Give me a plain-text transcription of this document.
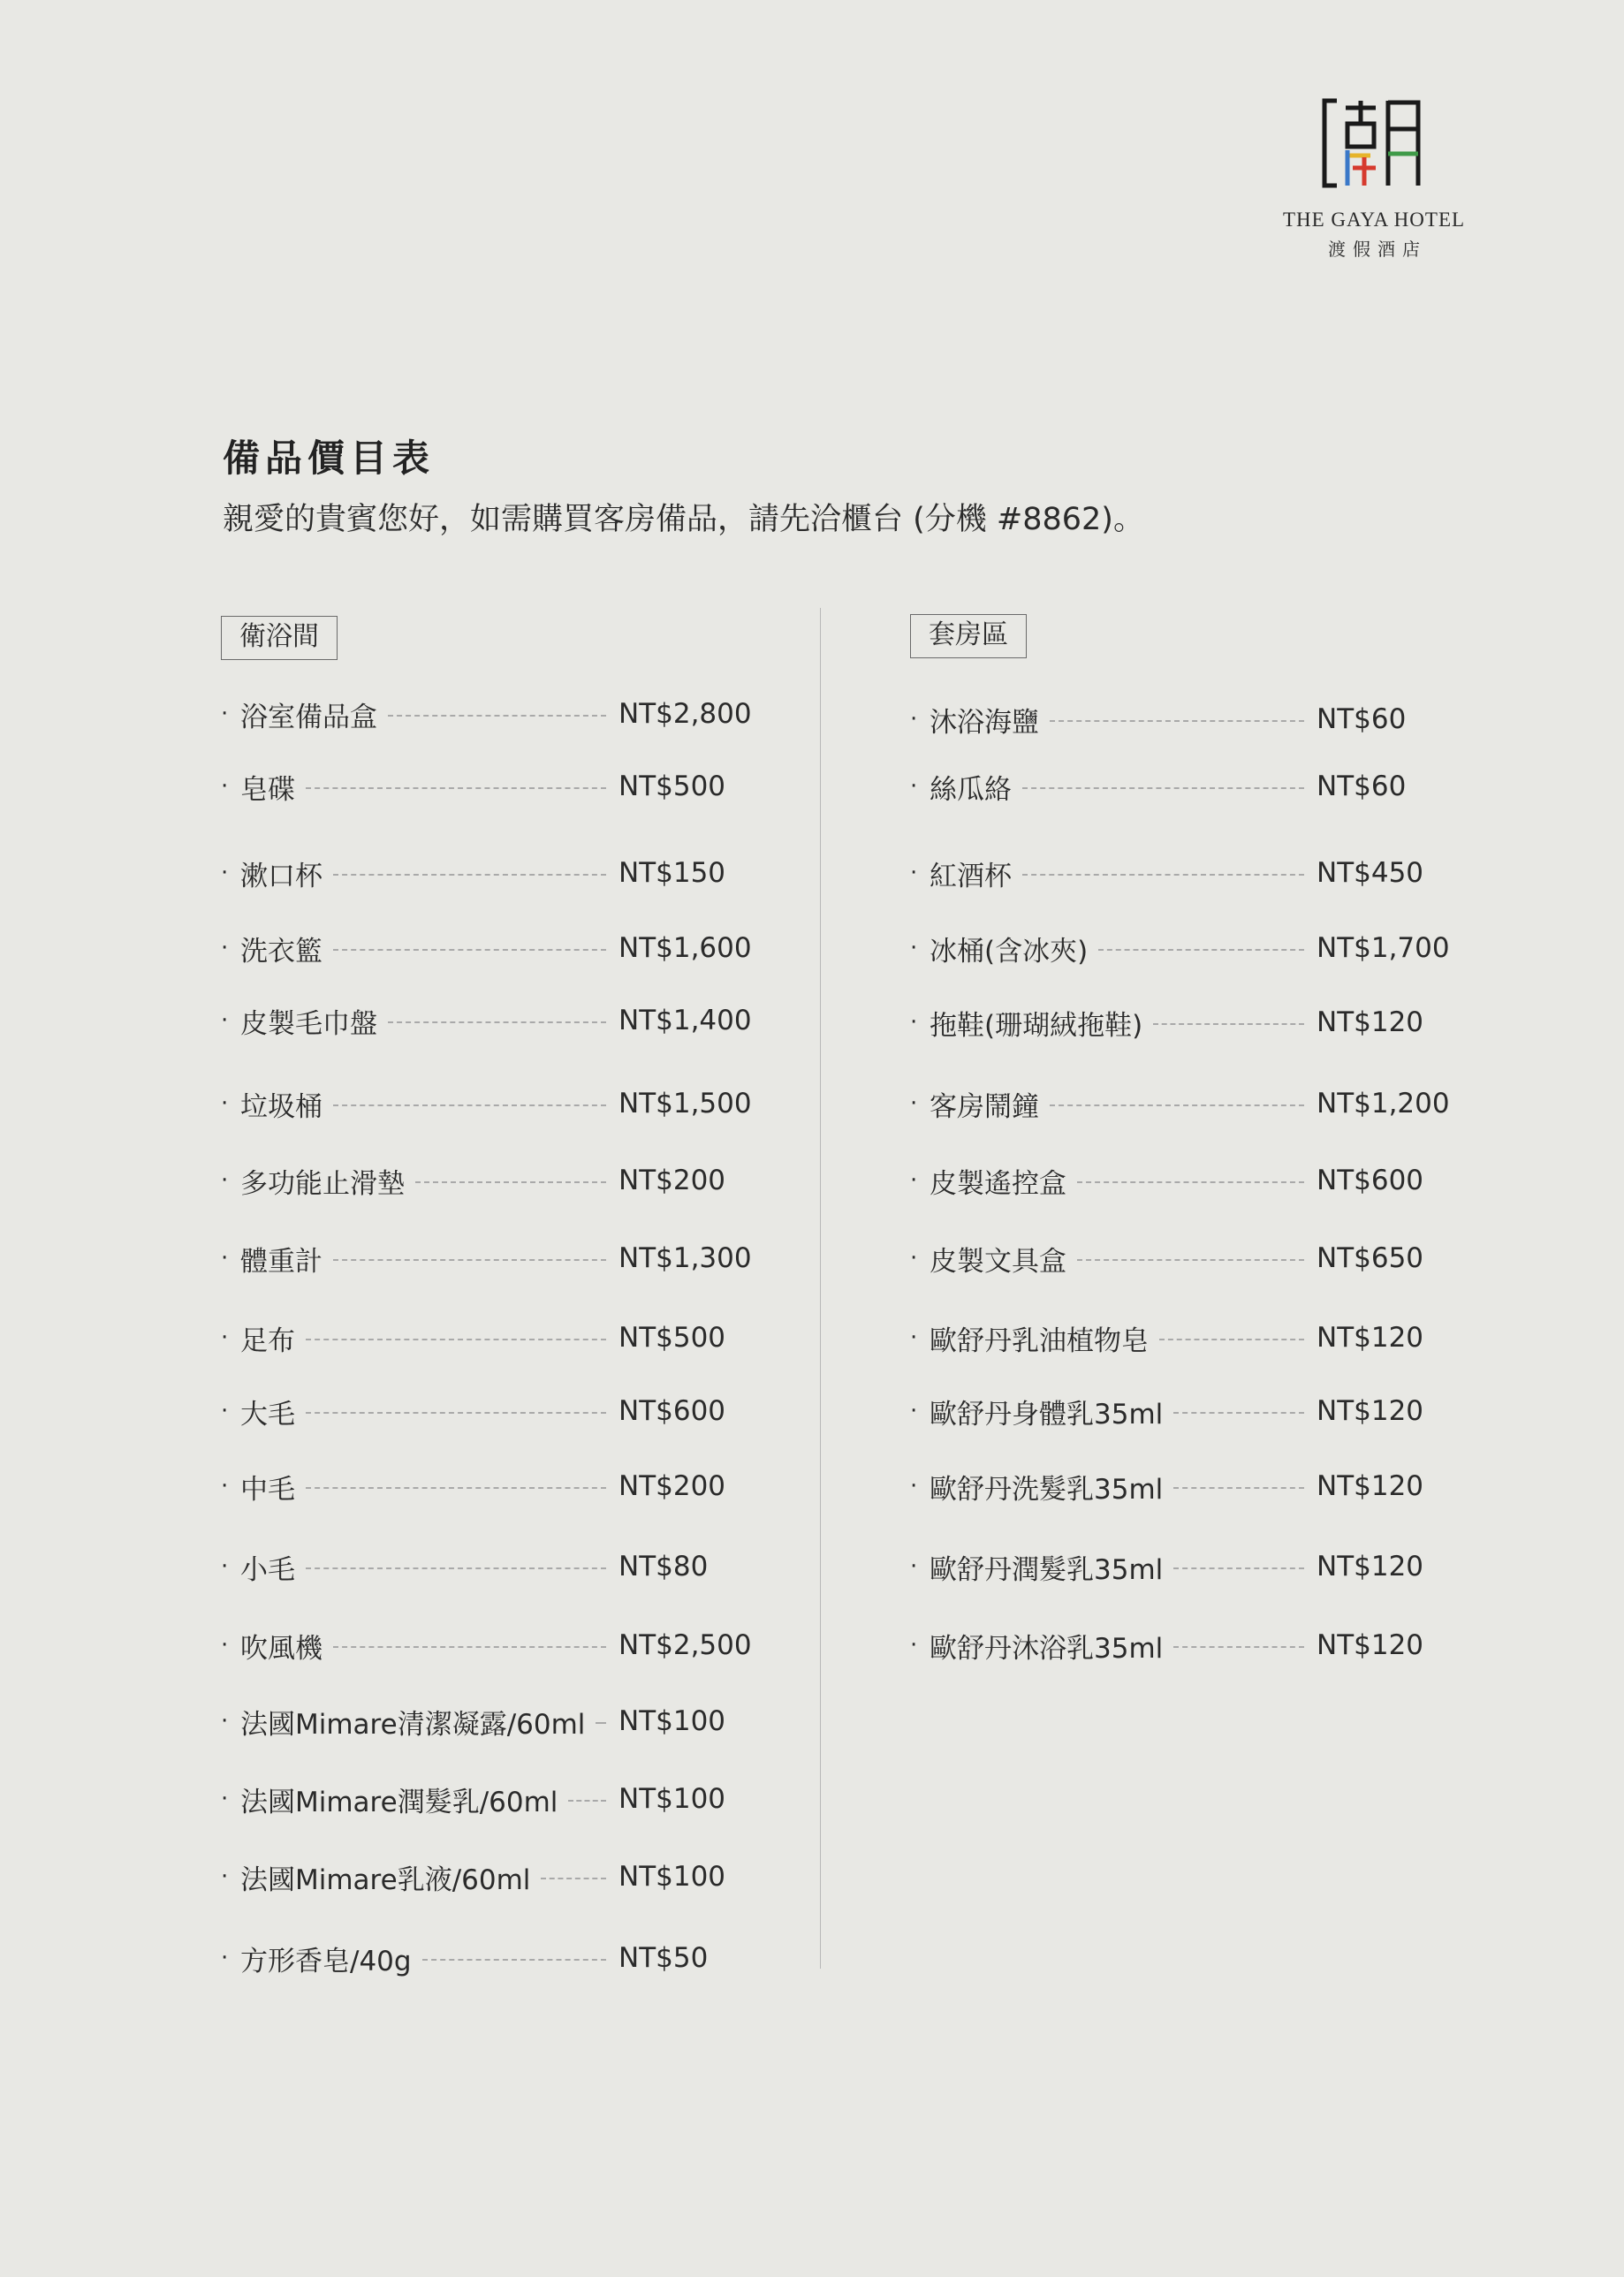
THE GAYA HOTEL
渡假酒店
備品價目表

親愛的貴賓您好，如需購買客房備品，請先洽櫃台 (分機 #8862)。

衛浴間	套房區
· 浴室備品盒	NT$2,800
· 皂碟	NT$500
· 漱口杯	NT$150
· 洗衣籃	NT$1,600
· 皮製毛巾盤	NT$1,400
· 垃圾桶	NT$1,500
· 多功能止滑墊	NT$200
· 體重計	NT$1,300
· 足布	NT$500
· 大毛	NT$600
· 中毛	NT$200
· 小毛	NT$80
· 吹風機	NT$2,500
· 法國Mimare清潔凝露/60ml NT$100
· 法國Mimare潤髮乳/60ml NT$100
· 法國Mimare乳液/60ml	NT$100
· 方形香皂/40g	NT$50
· 沐浴海鹽	NT$60
· 絲瓜絡	NT$60
· 紅酒杯	NT$450
· 冰桶(含冰夾)	NT$1,700
· 拖鞋(珊瑚絨拖鞋)	NT$120
· 客房鬧鐘	NT$1,200
· 皮製遙控盒	NT$600
· 皮製文具盒	NT$650
· 歐舒丹乳油植物皂	NT$120
· 歐舒丹身體乳35ml	NT$120
· 歐舒丹洗髮乳35ml	NT$120
· 歐舒丹潤髮乳35ml	NT$120
· 歐舒丹沐浴乳35ml	NT$120
